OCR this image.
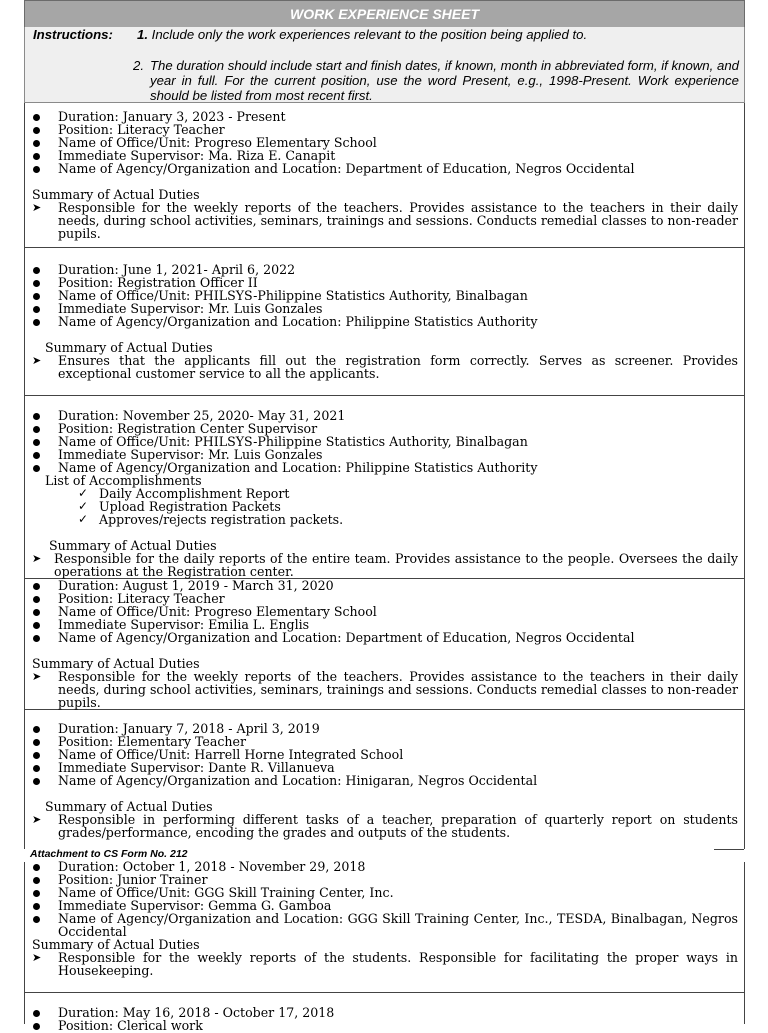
WORK EXPERIENCE SHEET
Instructions: 1. Include only the work experiences relevant to the position being applied to.
2. The duration should include start and finish dates, if known, month in abbreviated form, if known, and year in full. For the current position, use the word Present, e.g., 1998-Present. Work experience should be listed from most recent first.
Duration: January 3, 2023 - Present
Position: Literacy Teacher
Name of Office/Unit: Progreso Elementary School
Immediate Supervisor: Ma. Riza E. Canapit
Name of Agency/Organization and Location: Department of Education, Negros Occidental
Summary of Actual Duties
➤ Responsible for the weekly reports of the teachers. Provides assistance to the teachers in their daily needs, during school activities, seminars, trainings and sessions. Conducts remedial classes to non-reader pupils.
Duration: June 1, 2021- April 6, 2022
Position: Registration Officer II
Name of Office/Unit: PHILSYS-Philippine Statistics Authority, Binalbagan
Immediate Supervisor: Mr. Luis Gonzales
Name of Agency/Organization and Location: Philippine Statistics Authority
Summary of Actual Duties
➤ Ensures that the applicants fill out the registration form correctly. Serves as screener. Provides exceptional customer service to all the applicants.
Duration: November 25, 2020- May 31, 2021
Position: Registration Center Supervisor
Name of Office/Unit: PHILSYS-Philippine Statistics Authority, Binalbagan
Immediate Supervisor: Mr. Luis Gonzales
Name of Agency/Organization and Location: Philippine Statistics Authority
List of Accomplishments
✓ Daily Accomplishment Report
✓ Upload Registration Packets
✓ Approves/rejects registration packets.
Summary of Actual Duties
➤ Responsible for the daily reports of the entire team. Provides assistance to the people. Oversees the daily operations at the Registration center.
Duration: August 1, 2019 - March 31, 2020
Position: Literacy Teacher
Name of Office/Unit: Progreso Elementary School
Immediate Supervisor: Emilia L. Englis
Name of Agency/Organization and Location: Department of Education, Negros Occidental
Summary of Actual Duties
➤ Responsible for the weekly reports of the teachers. Provides assistance to the teachers in their daily needs, during school activities, seminars, trainings and sessions. Conducts remedial classes to non-reader pupils.
Duration: January 7, 2018 - April 3, 2019
Position: Elementary Teacher
Name of Office/Unit: Harrell Horne Integrated School
Immediate Supervisor: Dante R. Villanueva
Name of Agency/Organization and Location: Hinigaran, Negros Occidental
Summary of Actual Duties
➤ Responsible in performing different tasks of a teacher, preparation of quarterly report on students grades/performance, encoding the grades and outputs of the students.
Attachment to CS Form No. 212
Duration: October 1, 2018 - November 29, 2018
Position: Junior Trainer
Name of Office/Unit: GGG Skill Training Center, Inc.
Immediate Supervisor: Gemma G. Gamboa
Name of Agency/Organization and Location: GGG Skill Training Center, Inc., TESDA, Binalbagan, Negros Occidental
Summary of Actual Duties
➤ Responsible for the weekly reports of the students. Responsible for facilitating the proper ways in Housekeeping.
Duration: May 16, 2018 - October 17, 2018
Position: Clerical work
